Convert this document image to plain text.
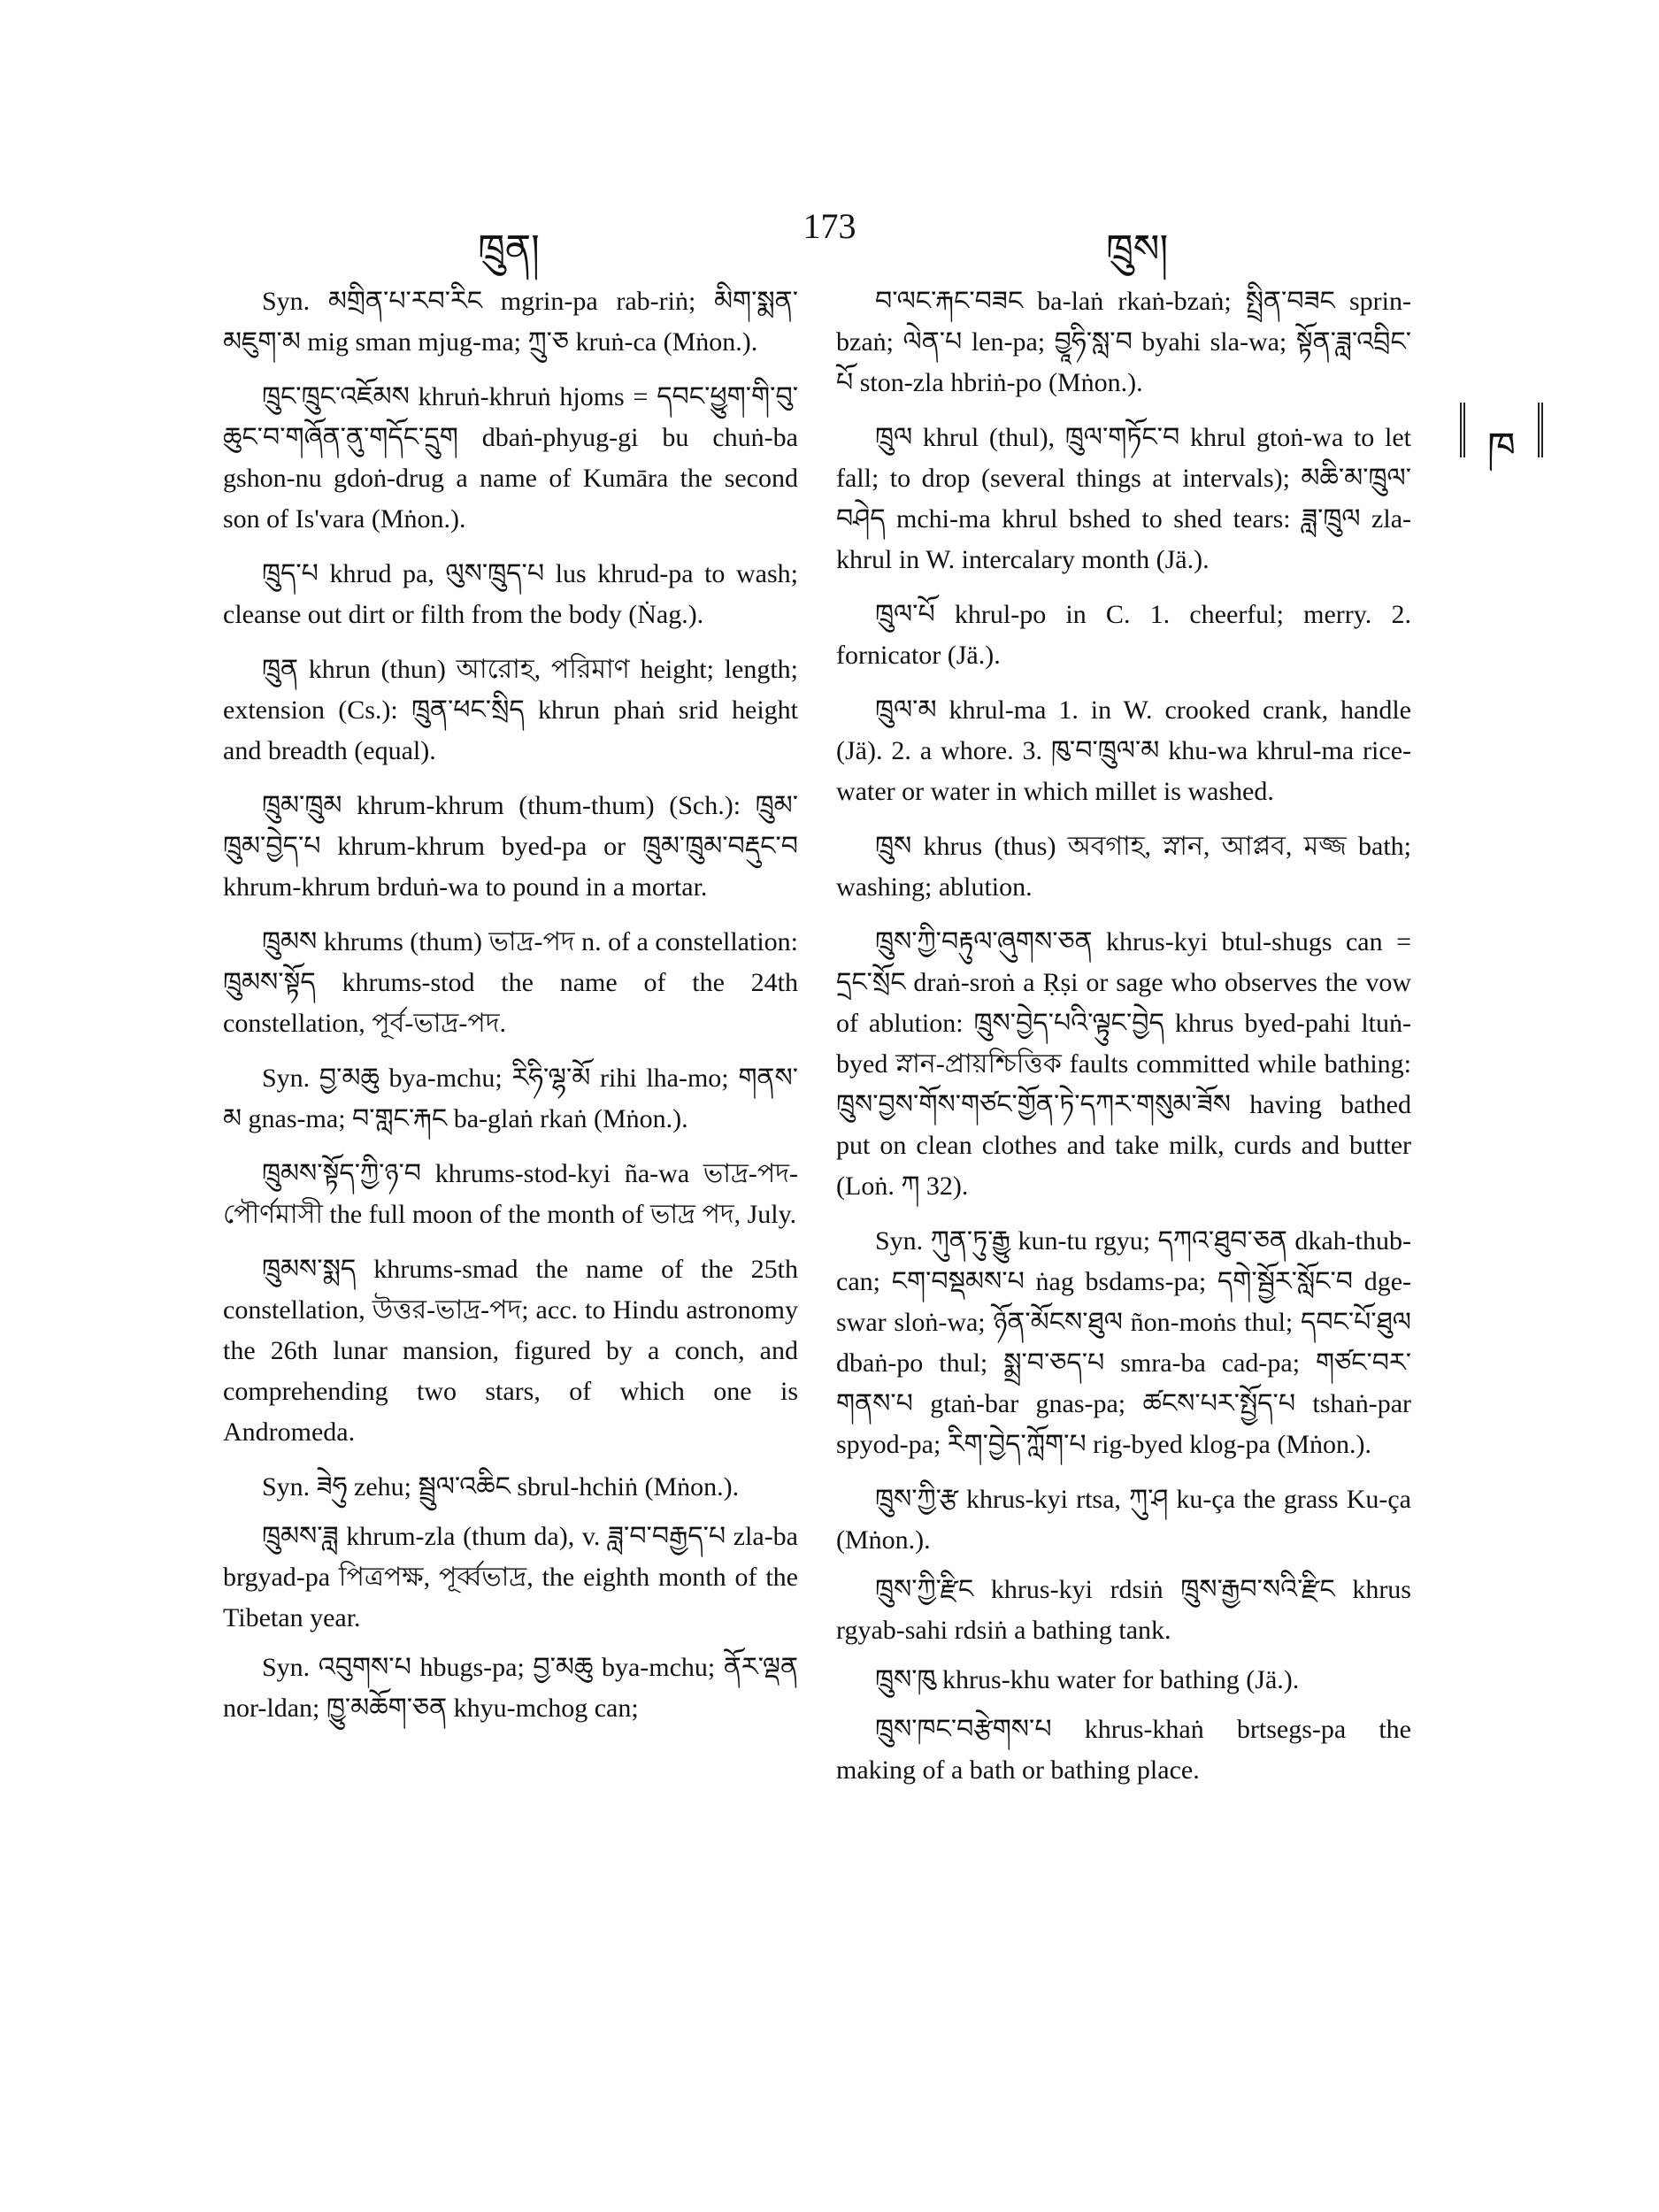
ཁྲུན།
173
ཁྲུས།
ཁ

Syn. མགྲིན་པ་རབ་རིང mgrin-pa rab-riṅ; མིག་སྨན་མཇུག་མ mig sman mjug-ma; ཀྲུ་ཅ kruṅ-ca (Mṅon.).

ཁྲུང་ཁྲུང་འཇོམས khruṅ-khruṅ hjoms = དབང་ཕྱུག་གི་བུ་ཆུང་བ་གཞོན་ནུ་གདོང་དྲུག dbaṅ-phyug-gi bu chuṅ-ba gshon-nu gdoṅ-drug a name of Kumāra the second son of Is'vara (Mṅon.).

ཁྲུད་པ khrud pa, ལུས་ཁྲུད་པ lus khrud-pa to wash; cleanse out dirt or filth from the body (Ṅag.).

ཁྲུན khrun (thun) আরোহ, পরিমাণ height; length; extension (Cs.): ཁྲུན་ཕང་སྲིད khrun phaṅ srid height and breadth (equal).

ཁྲུམ་ཁྲུམ khrum-khrum (thum-thum) (Sch.): ཁྲུམ་ཁྲུམ་བྱེད་པ khrum-khrum byed-pa or ཁྲུམ་ཁྲུམ་བརྡུང་བ khrum-khrum brduṅ-wa to pound in a mortar.

ཁྲུམས khrums (thum) ভাদ্র-পদ n. of a constellation: ཁྲུམས་སྟོད khrums-stod the name of the 24th constellation, পূর্ব-ভাদ্র-পদ.

Syn. བྱ་མཆུ bya-mchu; རིཧི་ལྷ་མོ rihi lha-mo; གནས་མ gnas-ma; བ་གླང་རྐང ba-glaṅ rkaṅ (Mṅon.).

ཁྲུམས་སྟོད་ཀྱི་ཉ་བ khrums-stod-kyi ña-wa ভাদ্র-পদ-পৌর্ণমাসী the full moon of the month of ভাদ্র পদ, July.

ཁྲུམས་སྨད khrums-smad the name of the 25th constellation, উত্তর-ভাদ্র-পদ; acc. to Hindu astronomy the 26th lunar mansion, figured by a conch, and comprehending two stars, of which one is Andromeda.

Syn. ཟེཧུ zehu; སྦྲུལ་འཆིང sbrul-hchiṅ (Mṅon.).

ཁྲུམས་ཟླ khrum-zla (thum da), v. ཟླ་བ་བརྒྱད་པ zla-ba brgyad-pa পিত্রপক্ষ, পূর্ব্বভাদ্র, the eighth month of the Tibetan year.

Syn. འབུགས་པ hbugs-pa; བྱ་མཆུ bya-mchu; ནོར་ལྡན nor-ldan; ཁྱུ་མཆོག་ཅན khyu-mchog can;

བ་ལང་རྐང་བཟང ba-laṅ rkaṅ-bzaṅ; སྤྲིན་བཟང sprin-bzaṅ; ལེན་པ len-pa; བྱཱཧི་སླ་བ byahi sla-wa; སྟོན་ཟླ་འབྲིང་པོ ston-zla hbriṅ-po (Mṅon.).

ཁྲུལ khrul (thul), ཁྲུལ་གཏོང་བ khrul gtoṅ-wa to let fall; to drop (several things at intervals); མཆི་མ་ཁྲུལ་བཤེད mchi-ma khrul bshed to shed tears: ཟླ་ཁྲུལ zla-khrul in W. intercalary month (Jä.).

ཁྲུལ་པོ khrul-po in C. 1. cheerful; merry. 2. fornicator (Jä.).

ཁྲུལ་མ khrul-ma 1. in W. crooked crank, handle (Jä). 2. a whore. 3. ཁུ་བ་ཁྲུལ་མ khu-wa khrul-ma rice-water or water in which millet is washed.

ཁྲུས khrus (thus) অবগাহ, স্নান, আপ্লব, মজ্জ bath; washing; ablution.

ཁྲུས་ཀྱི་བརྟུལ་ཞུགས་ཅན khrus-kyi btul-shugs can = དྲང་སྲོང draṅ-sroṅ a Ṛṣi or sage who observes the vow of ablution: ཁྲུས་བྱེད་པའི་ལྟུང་བྱེད khrus byed-pahi ltuṅ-byed স্নান-প্রায়শ্চিত্তিক faults committed while bathing: ཁྲུས་བྱས་གོས་གཙང་གྱོན་ཏེ་དཀར་གསུམ་ཟོས having bathed put on clean clothes and take milk, curds and butter (Loṅ. ཀ 32).

Syn. ཀུན་ཏུ་རྒྱུ kun-tu rgyu; དཀའ་ཐུབ་ཅན dkah-thub-can; ངག་བསྡམས་པ ṅag bsdams-pa; དགེ་སྦྱོར་སློང་བ dge-swar sloṅ-wa; ཉོན་མོངས་ཐུལ ñon-moṅs thul; དབང་པོ་ཐུལ dbaṅ-po thul; སྨྲ་བ་ཅད་པ smra-ba cad-pa; གཙང་བར་གནས་པ gtaṅ-bar gnas-pa; ཚངས་པར་སྤྱོད་པ tshaṅ-par spyod-pa; རིག་བྱེད་ཀློག་པ rig-byed klog-pa (Mṅon.).

ཁྲུས་ཀྱི་རྩ khrus-kyi rtsa, ཀུ་ཤ ku-ça the grass Ku-ça (Mṅon.).

ཁྲུས་ཀྱི་རྫིང khrus-kyi rdsiṅ ཁྲུས་རྒྱབ་སའི་རྫིང khrus rgyab-sahi rdsiṅ a bathing tank.

ཁྲུས་ཁུ khrus-khu water for bathing (Jä.).

ཁྲུས་ཁང་བརྩེགས་པ khrus-khaṅ brtsegs-pa the making of a bath or bathing place.
